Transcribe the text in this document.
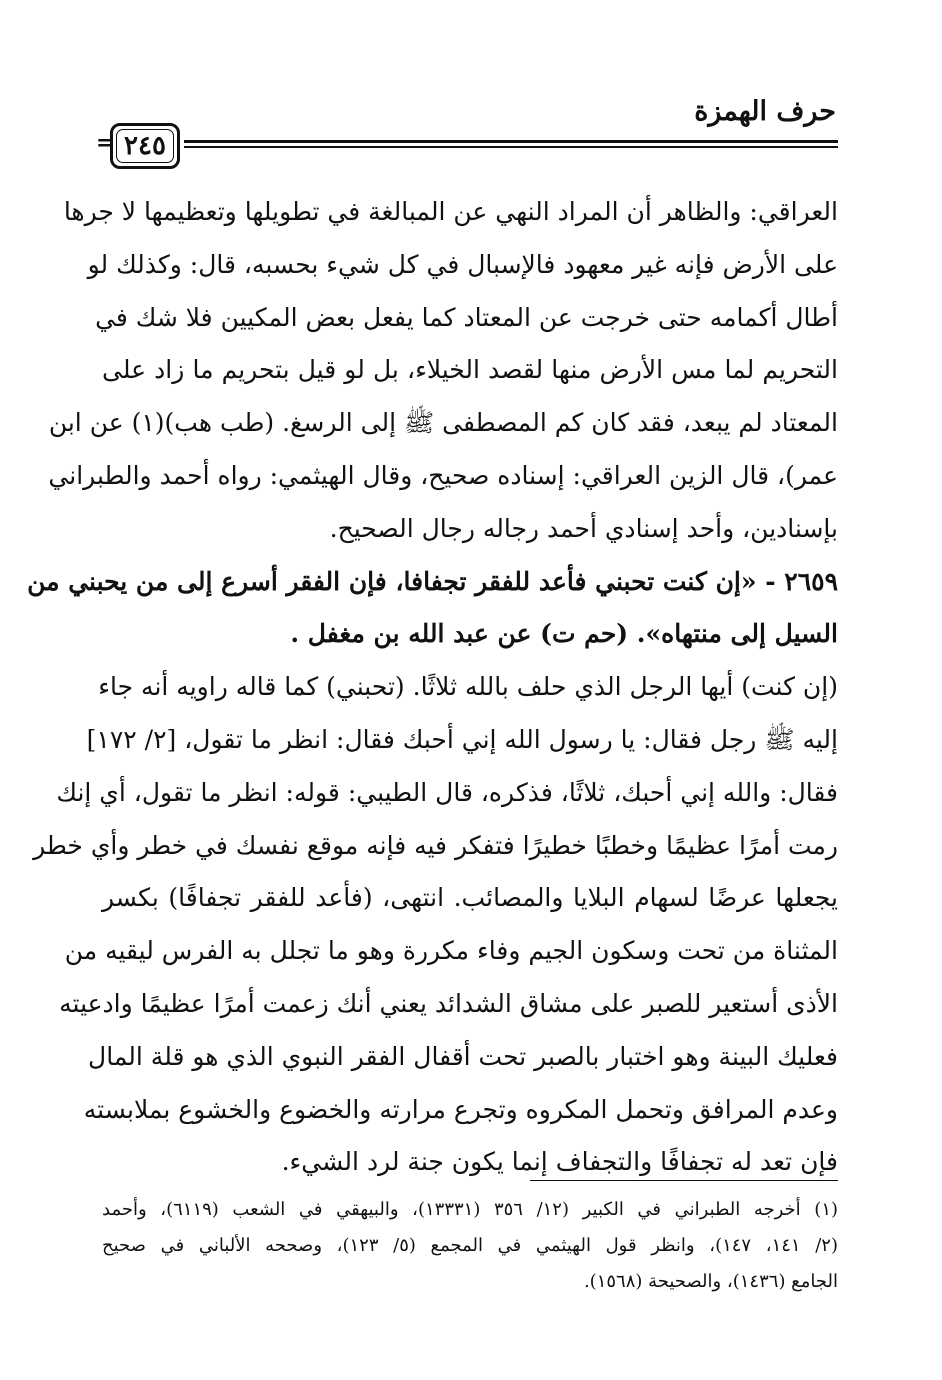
حرف الهمزة
= ٢٤٥
العراقي: والظاهر أن المراد النهي عن المبالغة في تطويلها وتعظيمها لا جرها
على الأرض فإنه غير معهود فالإسبال في كل شيء بحسبه، قال: وكذلك لو
أطال أكمامه حتى خرجت عن المعتاد كما يفعل بعض المكيين فلا شك في
التحريم لما مس الأرض منها لقصد الخيلاء، بل لو قيل بتحريم ما زاد على
المعتاد لم يبعد، فقد كان كم المصطفى ﷺ إلى الرسغ. (طب هب)(١) عن ابن
عمر)، قال الزين العراقي: إسناده صحيح، وقال الهيثمي: رواه أحمد والطبراني
بإسنادين، وأحد إسنادي أحمد رجاله رجال الصحيح.
٢٦٥٩ - «إن كنت تحبني فأعد للفقر تجفافا، فإن الفقر أسرع إلى من يحبني من
السيل إلى منتهاه». (حم ت) عن عبد الله بن مغفل .
(إن كنت) أيها الرجل الذي حلف بالله ثلاثًا. (تحبني) كما قاله راويه أنه جاء
إليه ﷺ رجل فقال: يا رسول الله إني أحبك فقال: انظر ما تقول، [٢/ ١٧٢]
فقال: والله إني أحبك، ثلاثًا، فذكره، قال الطيبي: قوله: انظر ما تقول، أي إنك
رمت أمرًا عظيمًا وخطبًا خطيرًا فتفكر فيه فإنه موقع نفسك في خطر وأي خطر
يجعلها عرضًا لسهام البلايا والمصائب. انتهى، (فأعد للفقر تجفافًا) بكسر
المثناة من تحت وسكون الجيم وفاء مكررة وهو ما تجلل به الفرس ليقيه من
الأذى أستعير للصبر على مشاق الشدائد يعني أنك زعمت أمرًا عظيمًا وادعيته
فعليك البينة وهو اختبار بالصبر تحت أقفال الفقر النبوي الذي هو قلة المال
وعدم المرافق وتحمل المكروه وتجرع مرارته والخضوع والخشوع بملابسته
فإن تعد له تجفافًا والتجفاف إنما يكون جنة لرد الشيء.
(١) أخرجه الطبراني في الكبير (١٢/ ٣٥٦ (١٣٣٣١)، والبيهقي في الشعب (٦١١٩)، وأحمد
(٢/ ١٤١، ١٤٧)، وانظر قول الهيثمي في المجمع (٥/ ١٢٣)، وصححه الألباني في صحيح
الجامع (١٤٣٦)، والصحيحة (١٥٦٨).
